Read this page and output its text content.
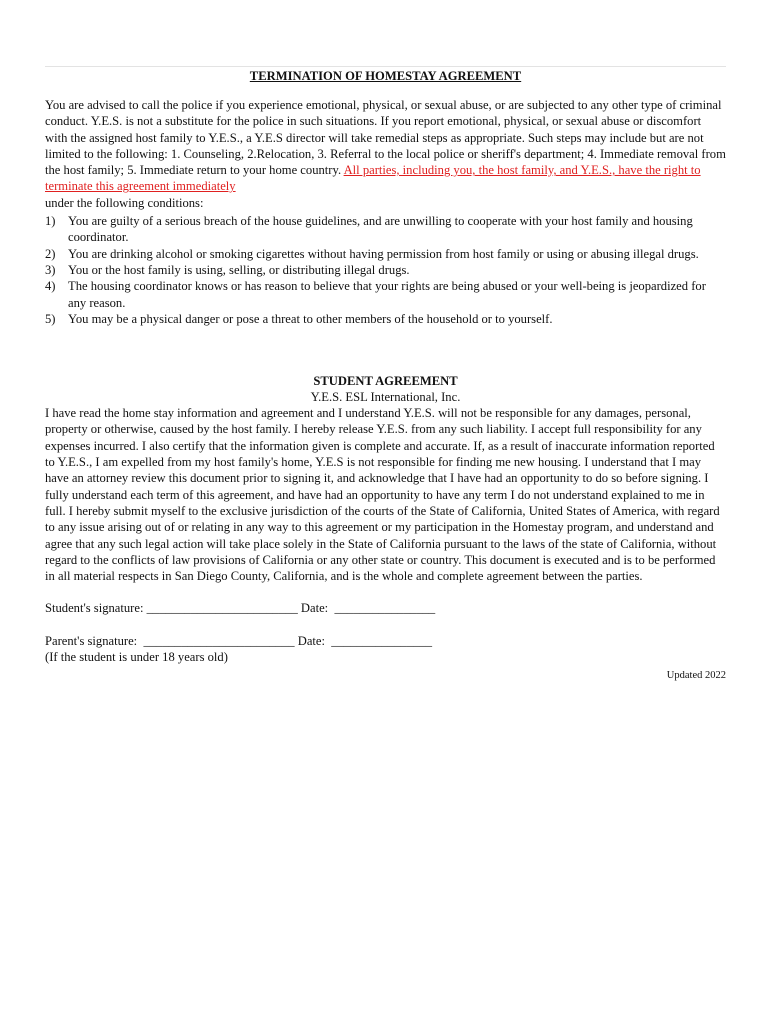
TERMINATION OF HOMESTAY AGREEMENT

You are advised to call the police if you experience emotional, physical, or sexual abuse, or are subjected to any other type of criminal conduct. Y.E.S. is not a substitute for the police in such situations. If you report emotional, physical, or sexual abuse or discomfort with the assigned host family to Y.E.S., a Y.E.S director will take remedial steps as appropriate. Such steps may include but are not limited to the following: 1. Counseling, 2.Relocation, 3. Referral to the local police or sheriff's department; 4. Immediate removal from the host family; 5. Immediate return to your home country. All parties, including you, the host family, and Y.E.S., have the right to terminate this agreement immediately
under the following conditions:

1) You are guilty of a serious breach of the house guidelines, and are unwilling to cooperate with your host family and housing coordinator.
2) You are drinking alcohol or smoking cigarettes without having permission from host family or using or abusing illegal drugs.
3) You or the host family is using, selling, or distributing illegal drugs.
4) The housing coordinator knows or has reason to believe that your rights are being abused or your well-being is jeopardized for any reason.
5) You may be a physical danger or pose a threat to other members of the household or to yourself.
STUDENT AGREEMENT
Y.E.S. ESL International, Inc.

I have read the home stay information and agreement and I understand Y.E.S. will not be responsible for any damages, personal, property or otherwise, caused by the host family. I hereby release Y.E.S. from any such liability. I accept full responsibility for any expenses incurred. I also certify that the information given is complete and accurate. If, as a result of inaccurate information reported to Y.E.S., I am expelled from my host family's home, Y.E.S is not responsible for finding me new housing. I understand that I may have an attorney review this document prior to signing it, and acknowledge that I have had an opportunity to do so before signing. I fully understand each term of this agreement, and have had an opportunity to have any term I do not understand explained to me in full. I hereby submit myself to the exclusive jurisdiction of the courts of the State of California, United States of America, with regard to any issue arising out of or relating in any way to this agreement or my participation in the Homestay program, and understand and agree that any such legal action will take place solely in the State of California pursuant to the laws of the state of California, without regard to the conflicts of law provisions of California or any other state or country. This document is executed and is to be performed in all material respects in San Diego County, California, and is the whole and complete agreement between the parties.

Student's signature: ________________________ Date:  ________________
Parent's signature:  ________________________ Date:  ________________
(If the student is under 18 years old)
Updated 2022
